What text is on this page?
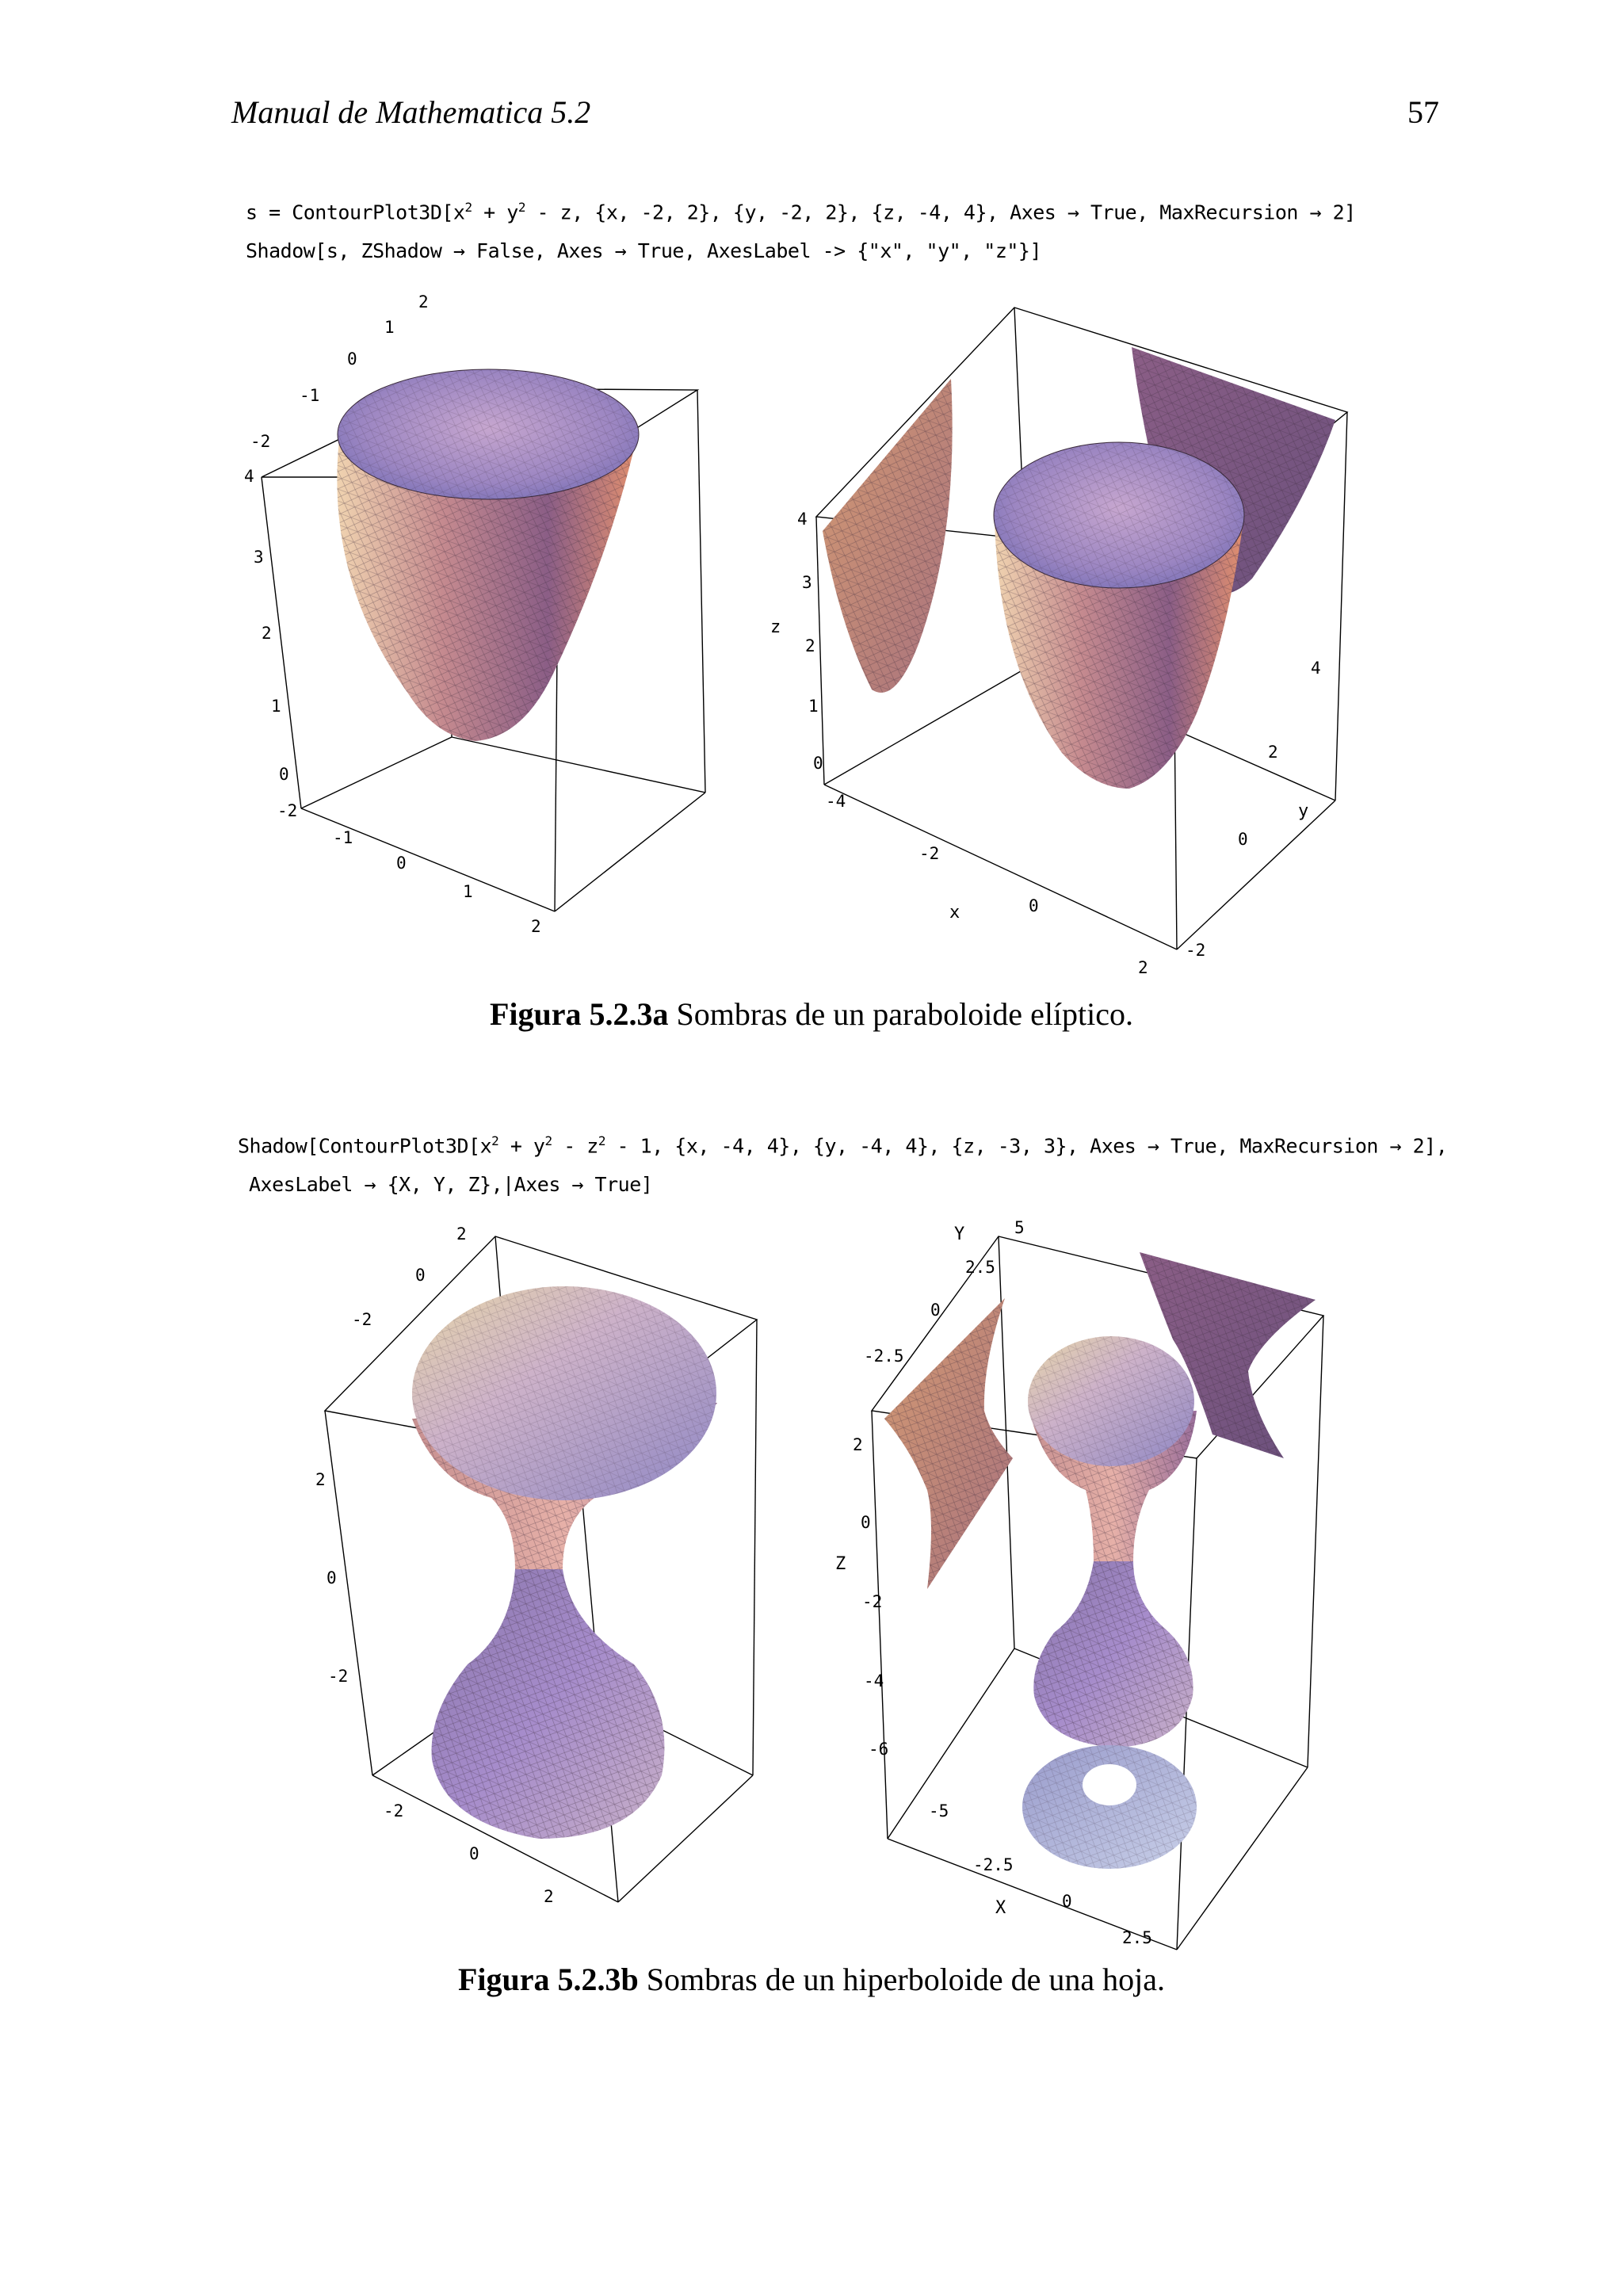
Manual de Mathematica 5.2	57
$s = ContourPlot3D[x^2 + y^2 - z$, {x, -2, 2}, {y, -2, 2}, {z, -4, 4}, Axes → True, MaxRecursion → 2]
Shadow[s, ZShadow → False, Axes → True, AxesLabel -> {"x", "y", "z"}]
2
1
0
-1
-2
4
3
2
1
0
-2
-1
0
1
2
4
3
z
2
1
0
-4
-2
x	0
2
4
2
y
0
-2
Figura 5.2.3a Sombras de un paraboloide elíptico.
$Shadow[ContourPlot3D[x^2 + y^2 - z^2 - 1$, {x, -4, 4}, {y, -4, 4}, {z, -3, 3}, Axes → True, MaxRecursion → 2],
AxesLabel → {X, Y, Z},|Axes → True]
2
0
-2
2
0
-2
-2
0
2
Y	5
2.5
0
-2.5
2
0
Z
-2
-4
-6
-5
-2.5
X	0
2.5
Figura 5.2.3b Sombras de un hiperboloide de una hoja.
